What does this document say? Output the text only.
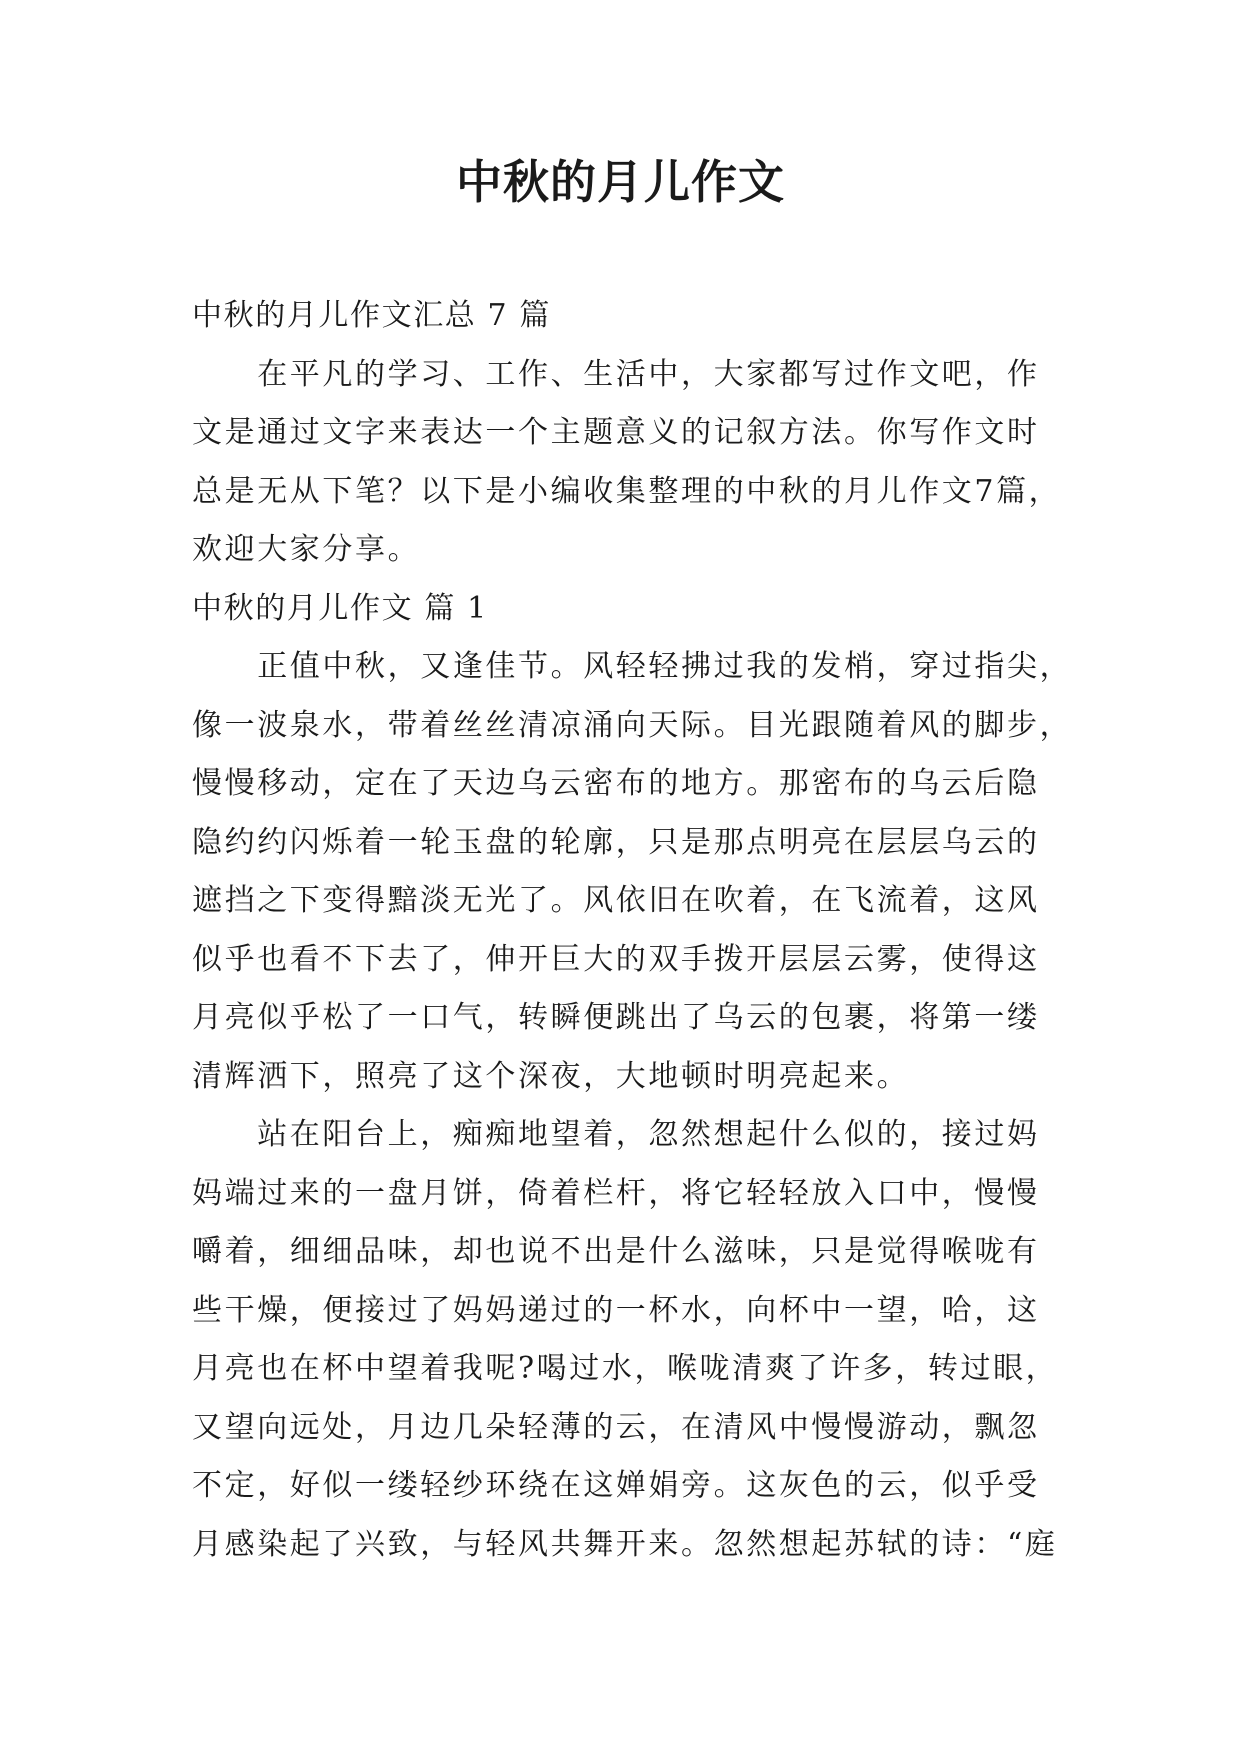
中秋的月儿作文
中秋的月儿作文汇总 7 篇
　　在平凡的学习、工作、生活中，大家都写过作文吧，作
文是通过文字来表达一个主题意义的记叙方法。你写作文时
总是无从下笔？以下是小编收集整理的中秋的月儿作文7篇，
欢迎大家分享。
中秋的月儿作文 篇 1
　　正值中秋，又逢佳节。风轻轻拂过我的发梢，穿过指尖，
像一波泉水，带着丝丝清凉涌向天际。目光跟随着风的脚步，
慢慢移动，定在了天边乌云密布的地方。那密布的乌云后隐
隐约约闪烁着一轮玉盘的轮廓，只是那点明亮在层层乌云的
遮挡之下变得黯淡无光了。风依旧在吹着，在飞流着，这风
似乎也看不下去了，伸开巨大的双手拨开层层云雾，使得这
月亮似乎松了一口气，转瞬便跳出了乌云的包裹，将第一缕
清辉洒下，照亮了这个深夜，大地顿时明亮起来。
　　站在阳台上，痴痴地望着，忽然想起什么似的，接过妈
妈端过来的一盘月饼，倚着栏杆，将它轻轻放入口中，慢慢
嚼着，细细品味，却也说不出是什么滋味，只是觉得喉咙有
些干燥，便接过了妈妈递过的一杯水，向杯中一望，哈，这
月亮也在杯中望着我呢?喝过水，喉咙清爽了许多，转过眼，
又望向远处，月边几朵轻薄的云，在清风中慢慢游动，飘忽
不定，好似一缕轻纱环绕在这婵娟旁。这灰色的云，似乎受
月感染起了兴致，与轻风共舞开来。忽然想起苏轼的诗：“庭
